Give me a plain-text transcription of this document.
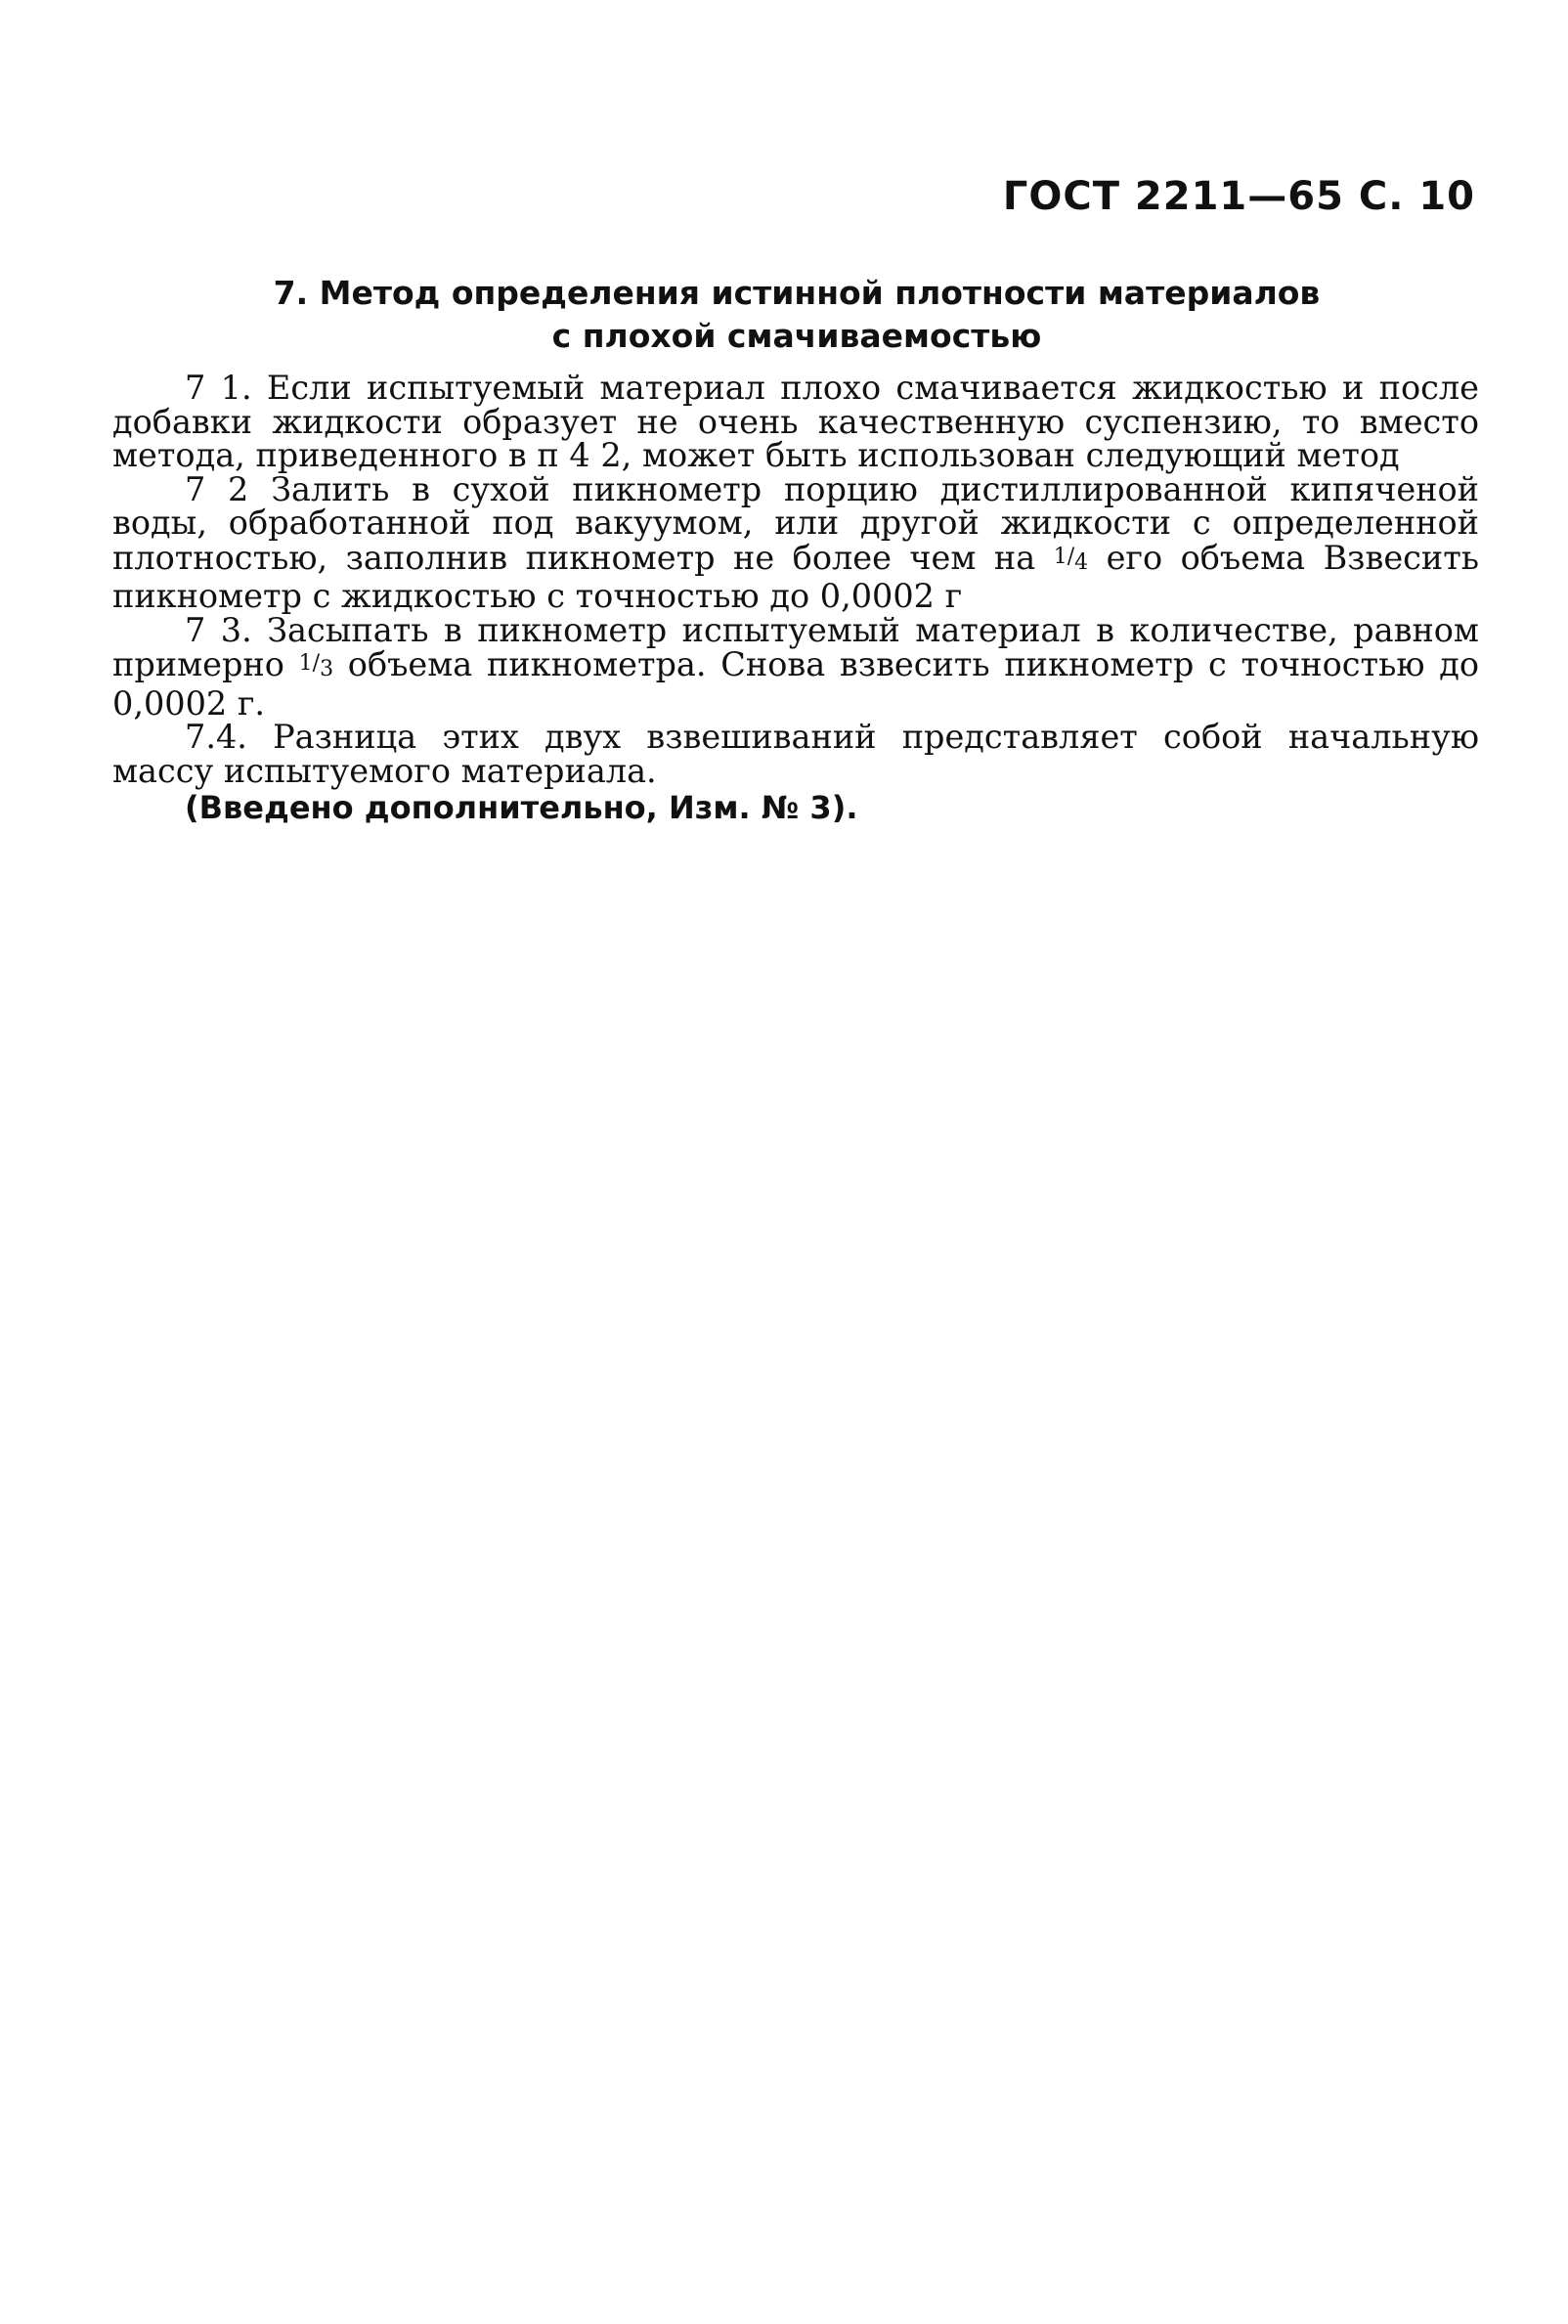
ГОСТ 2211—65 С. 10
7. Метод определения истинной плотности материалов
с плохой смачиваемостью

7 1. Если испытуемый материал плохо смачивается жидкостью и после добавки жидкости образует не очень качественную суспензию, то вместо метода, приведенного в п 4 2, может быть использован следующий метод

7 2 Залить в сухой пикнометр порцию дистиллированной кипяченой воды, обработанной под вакуумом, или другой жидкости с определенной плотностью, заполнив пикнометр не более чем на $1/_4$ его объема Взвесить пикнометр с жидкостью с точностью до 0,0002 г

7 3. Засыпать в пикнометр испытуемый материал в количестве, равном примерно $1/_3$ объема пикнометра. Снова взвесить пикнометр с точностью до 0,0002 г.

7.4. Разница этих двух взвешиваний представляет собой начальную массу испытуемого материала.

(Введено дополнительно, Изм. № 3).
